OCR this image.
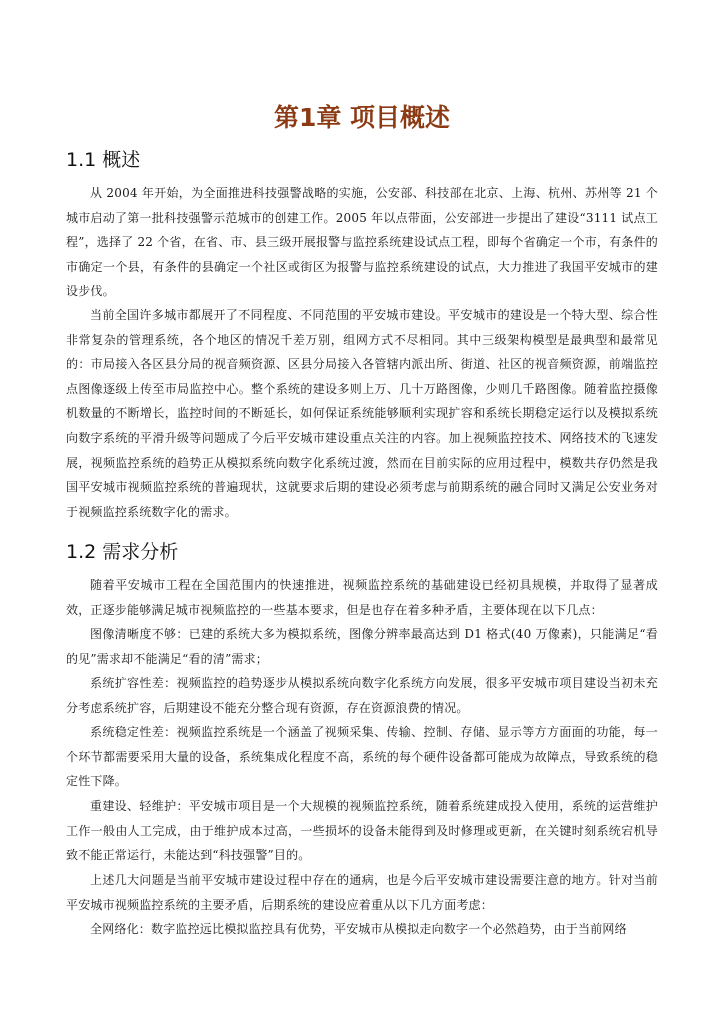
第1章 项目概述
1.1 概述

从 2004 年开始，为全面推进科技强警战略的实施，公安部、科技部在北京、上海、杭州、苏州等 21 个城市启动了第一批科技强警示范城市的创建工作。2005 年以点带面，公安部进一步提出了建设“3111 试点工程”，选择了 22 个省，在省、市、县三级开展报警与监控系统建设试点工程，即每个省确定一个市，有条件的市确定一个县，有条件的县确定一个社区或街区为报警与监控系统建设的试点，大力推进了我国平安城市的建设步伐。

当前全国许多城市都展开了不同程度、不同范围的平安城市建设。平安城市的建设是一个特大型、综合性非常复杂的管理系统，各个地区的情况千差万别，组网方式不尽相同。其中三级架构模型是最典型和最常见的：市局接入各区县分局的视音频资源、区县分局接入各管辖内派出所、街道、社区的视音频资源，前端监控点图像逐级上传至市局监控中心。整个系统的建设多则上万、几十万路图像，少则几千路图像。随着监控摄像机数量的不断增长，监控时间的不断延长，如何保证系统能够顺利实现扩容和系统长期稳定运行以及模拟系统向数字系统的平滑升级等问题成了今后平安城市建设重点关注的内容。加上视频监控技术、网络技术的飞速发展，视频监控系统的趋势正从模拟系统向数字化系统过渡，然而在目前实际的应用过程中，模数共存仍然是我国平安城市视频监控系统的普遍现状，这就要求后期的建设必须考虑与前期系统的融合同时又满足公安业务对于视频监控系统数字化的需求。

1.2 需求分析

随着平安城市工程在全国范围内的快速推进，视频监控系统的基础建设已经初具规模，并取得了显著成效，正逐步能够满足城市视频监控的一些基本要求，但是也存在着多种矛盾，主要体现在以下几点：

图像清晰度不够：已建的系统大多为模拟系统，图像分辨率最高达到 D1 格式(40 万像素)，只能满足“看的见”需求却不能满足“看的清”需求；

系统扩容性差：视频监控的趋势逐步从模拟系统向数字化系统方向发展，很多平安城市项目建设当初未充分考虑系统扩容，后期建设不能充分整合现有资源，存在资源浪费的情况。

系统稳定性差：视频监控系统是一个涵盖了视频采集、传输、控制、存储、显示等方方面面的功能，每一个环节都需要采用大量的设备，系统集成化程度不高，系统的每个硬件设备都可能成为故障点，导致系统的稳定性下降。

重建设、轻维护：平安城市项目是一个大规模的视频监控系统，随着系统建成投入使用，系统的运营维护工作一般由人工完成，由于维护成本过高，一些损坏的设备未能得到及时修理或更新，在关键时刻系统宕机导致不能正常运行，未能达到“科技强警”目的。

上述几大问题是当前平安城市建设过程中存在的通病，也是今后平安城市建设需要注意的地方。针对当前平安城市视频监控系统的主要矛盾，后期系统的建设应着重从以下几方面考虑：

全网络化：数字监控远比模拟监控具有优势，平安城市从模拟走向数字一个必然趋势，由于当前网络
